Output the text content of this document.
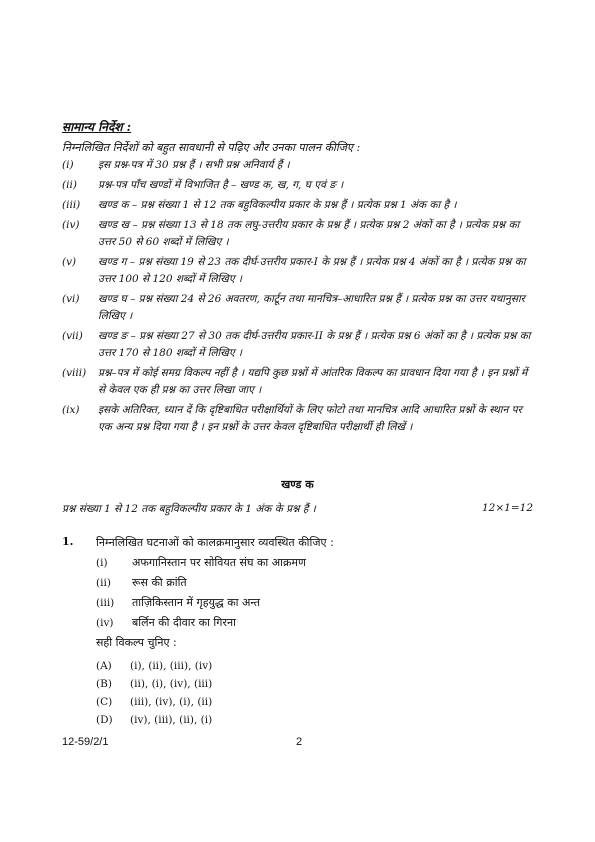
सामान्य निर्देश :
निम्नलिखित निर्देशों को बहुत सावधानी से पढ़िए और उनका पालन कीजिए :
(i)	इस प्रश्न-पत्र में 30 प्रश्न हैं । सभी प्रश्न अनिवार्य हैं ।
(ii)	प्रश्न-पत्र पाँच खण्डों में विभाजित है – खण्ड क, ख, ग, घ एवं ङ ।
(iii)	खण्ड क – प्रश्न संख्या 1 से 12 तक बहुविकल्पीय प्रकार के प्रश्न हैं । प्रत्येक प्रश्न 1 अंक का है ।
(iv)	खण्ड ख – प्रश्न संख्या 13 से 18 तक लघु-उत्तरीय प्रकार के प्रश्न हैं । प्रत्येक प्रश्न 2 अंकों का है । प्रत्येक प्रश्न का उत्तर 50 से 60 शब्दों में लिखिए ।
(v)	खण्ड ग – प्रश्न संख्या 19 से 23 तक दीर्घ-उत्तरीय प्रकार-I के प्रश्न हैं । प्रत्येक प्रश्न 4 अंकों का है । प्रत्येक प्रश्न का उत्तर 100 से 120 शब्दों में लिखिए ।
(vi)	खण्ड घ – प्रश्न संख्या 24 से 26 अवतरण, कार्टून तथा मानचित्र–आधारित प्रश्न हैं । प्रत्येक प्रश्न का उत्तर यथानुसार लिखिए ।
(vii)	खण्ड ङ – प्रश्न संख्या 27 से 30 तक दीर्घ-उत्तरीय प्रकार-II के प्रश्न हैं । प्रत्येक प्रश्न 6 अंकों का है । प्रत्येक प्रश्न का उत्तर 170 से 180 शब्दों में लिखिए ।
(viii)	प्रश्न–पत्र में कोई समग्र विकल्प नहीं है । यद्यपि कुछ प्रश्नों में आंतरिक विकल्प का प्रावधान दिया गया है । इन प्रश्नों में से केवल एक ही प्रश्न का उत्तर लिखा जाए ।
(ix)	इसके अतिरिक्त, ध्यान दें कि दृष्टिबाधित परीक्षार्थियों के लिए फोटो तथा मानचित्र आदि आधारित प्रश्नों के स्थान पर एक अन्य प्रश्न दिया गया है । इन प्रश्नों के उत्तर केवल दृष्टिबाधित परीक्षार्थी ही लिखें ।
खण्ड क
प्रश्न संख्या 1 से 12 तक बहुविकल्पीय प्रकार के 1 अंक के प्रश्न हैं ।	12×1=12
1. निम्नलिखित घटनाओं को कालक्रमानुसार व्यवस्थित कीजिए :
(i)	अफगानिस्तान पर सोवियत संघ का आक्रमण
(ii)	रूस की क्रांति
(iii)	ताज़िकिस्तान में गृहयुद्ध का अन्त
(iv)	बर्लिन की दीवार का गिरना
सही विकल्प चुनिए :
(A)	(i), (ii), (iii), (iv)
(B)	(ii), (i), (iv), (iii)
(C)	(iii), (iv), (i), (ii)
(D)	(iv), (iii), (ii), (i)
12-59/2/1	2
